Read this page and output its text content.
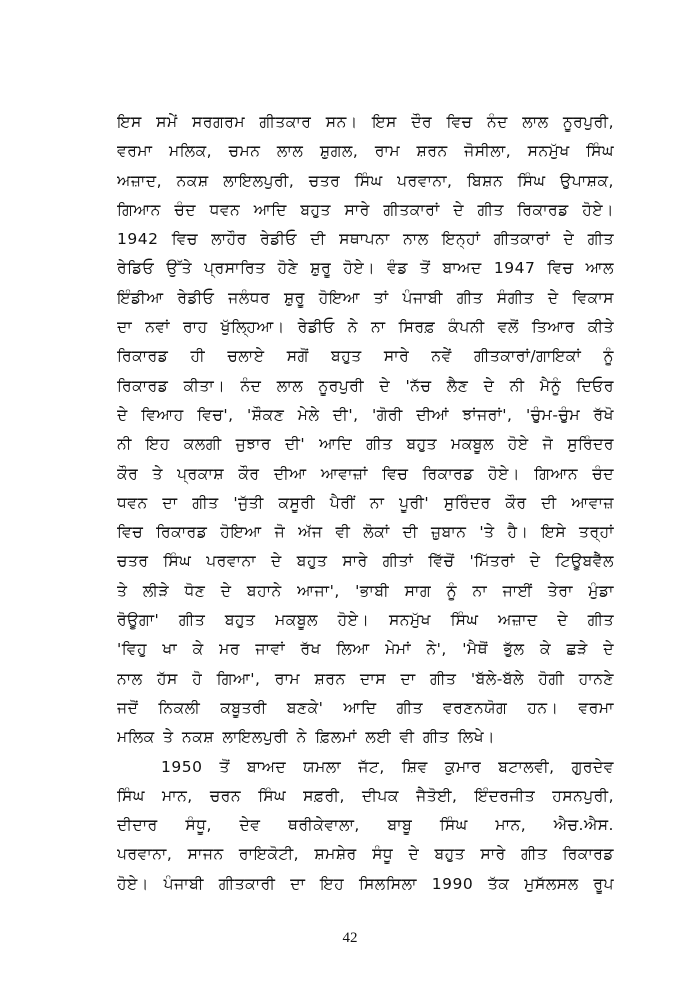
ਇਸ ਸਮੇਂ ਸਰਗਰਮ ਗੀਤਕਾਰ ਸਨ। ਇਸ ਦੌਰ ਵਿਚ ਨੰਦ ਲਾਲ ਨੂਰਪੁਰੀ,
ਵਰਮਾ ਮਲਿਕ, ਚਮਨ ਲਾਲ ਸ਼ੁਗਲ, ਰਾਮ ਸ਼ਰਨ ਜੋਸੀਲਾ, ਸਨਮੁੱਖ ਸਿੰਘ
ਅਜ਼ਾਦ, ਨਕਸ਼ ਲਾਇਲਪੁਰੀ, ਚਤਰ ਸਿੰਘ ਪਰਵਾਨਾ, ਬਿਸ਼ਨ ਸਿੰਘ ਉਪਾਸ਼ਕ,
ਗਿਆਨ ਚੰਦ ਧਵਨ ਆਦਿ ਬਹੁਤ ਸਾਰੇ ਗੀਤਕਾਰਾਂ ਦੇ ਗੀਤ ਰਿਕਾਰਡ ਹੋਏ।
1942 ਵਿਚ ਲਾਹੌਰ ਰੇਡੀਓ ਦੀ ਸਥਾਪਨਾ ਨਾਲ ਇਨ੍ਹਾਂ ਗੀਤਕਾਰਾਂ ਦੇ ਗੀਤ
ਰੇਡਿਓ ਉੱਤੇ ਪ੍ਰਸਾਰਿਤ ਹੋਣੇ ਸ਼ੁਰੂ ਹੋਏ। ਵੰਡ ਤੋਂ ਬਾਅਦ 1947 ਵਿਚ ਆਲ
ਇੰਡੀਆ ਰੇਡੀਓ ਜਲੰਧਰ ਸ਼ੁਰੂ ਹੋਇਆ ਤਾਂ ਪੰਜਾਬੀ ਗੀਤ ਸੰਗੀਤ ਦੇ ਵਿਕਾਸ
ਦਾ ਨਵਾਂ ਰਾਹ ਖੁੱਲ੍ਹਿਆ। ਰੇਡੀਓ ਨੇ ਨਾ ਸਿਰਫ਼ ਕੰਪਨੀ ਵਲੋਂ ਤਿਆਰ ਕੀਤੇ
ਰਿਕਾਰਡ ਹੀ ਚਲਾਏ ਸਗੋਂ ਬਹੁਤ ਸਾਰੇ ਨਵੇਂ ਗੀਤਕਾਰਾਂ/ਗਾਇਕਾਂ ਨੂੰ
ਰਿਕਾਰਡ ਕੀਤਾ। ਨੰਦ ਲਾਲ ਨੂਰਪੁਰੀ ਦੇ 'ਨੱਚ ਲੈਣ ਦੇ ਨੀ ਮੈਨੂੰ ਦਿਓਰ
ਦੇ ਵਿਆਹ ਵਿਚ', 'ਸ਼ੌਕਣ ਮੇਲੇ ਦੀ', 'ਗੋਰੀ ਦੀਆਂ ਝਾਂਜਰਾਂ', 'ਚੁੰਮ-ਚੁੰਮ ਰੱਖੋ
ਨੀ ਇਹ ਕਲਗੀ ਜੁਝਾਰ ਦੀ' ਆਦਿ ਗੀਤ ਬਹੁਤ ਮਕਬੂਲ ਹੋਏ ਜੋ ਸੁਰਿੰਦਰ
ਕੌਰ ਤੇ ਪ੍ਰਕਾਸ਼ ਕੌਰ ਦੀਆ ਆਵਾਜ਼ਾਂ ਵਿਚ ਰਿਕਾਰਡ ਹੋਏ। ਗਿਆਨ ਚੰਦ
ਧਵਨ ਦਾ ਗੀਤ 'ਜੁੱਤੀ ਕਸੂਰੀ ਪੈਰੀਂ ਨਾ ਪੂਰੀ' ਸੁਰਿੰਦਰ ਕੌਰ ਦੀ ਆਵਾਜ਼
ਵਿਚ ਰਿਕਾਰਡ ਹੋਇਆ ਜੋ ਅੱਜ ਵੀ ਲੋਕਾਂ ਦੀ ਜ਼ੁਬਾਨ 'ਤੇ ਹੈ। ਇਸੇ ਤਰ੍ਹਾਂ
ਚਤਰ ਸਿੰਘ ਪਰਵਾਨਾ ਦੇ ਬਹੁਤ ਸਾਰੇ ਗੀਤਾਂ ਵਿੱਚੋਂ 'ਮਿੱਤਰਾਂ ਦੇ ਟਿਊਬਵੈੱਲ
ਤੇ ਲੀੜੇ ਧੋਣ ਦੇ ਬਹਾਨੇ ਆਜਾ', 'ਭਾਬੀ ਸਾਗ ਨੂੰ ਨਾ ਜਾਈਂ ਤੇਰਾ ਮੁੰਡਾ
ਰੋਊਗਾ' ਗੀਤ ਬਹੁਤ ਮਕਬੂਲ ਹੋਏ। ਸਨਮੁੱਖ ਸਿੰਘ ਅਜ਼ਾਦ ਦੇ ਗੀਤ
'ਵਿਹੁ ਖਾ ਕੇ ਮਰ ਜਾਵਾਂ ਰੱਖ ਲਿਆ ਮੇਮਾਂ ਨੇ', 'ਮੈਥੋਂ ਭੁੱਲ ਕੇ ਛੜੇ ਦੇ
ਨਾਲ ਹੱਸ ਹੋ ਗਿਆ', ਰਾਮ ਸ਼ਰਨ ਦਾਸ ਦਾ ਗੀਤ 'ਬੱਲੇ-ਬੱਲੇ ਹੋਗੀ ਹਾਨਣੇ
ਜਦੋਂ ਨਿਕਲੀ ਕਬੂਤਰੀ ਬਣਕੇ' ਆਦਿ ਗੀਤ ਵਰਣਨਯੋਗ ਹਨ। ਵਰਮਾ
ਮਲਿਕ ਤੇ ਨਕਸ਼ ਲਾਇਲਪੁਰੀ ਨੇ ਫ਼ਿਲਮਾਂ ਲਈ ਵੀ ਗੀਤ ਲਿਖੇ।
1950 ਤੋਂ ਬਾਅਦ ਯਮਲਾ ਜੱਟ, ਸ਼ਿਵ ਕੁਮਾਰ ਬਟਾਲਵੀ, ਗੁਰਦੇਵ
ਸਿੰਘ ਮਾਨ, ਚਰਨ ਸਿੰਘ ਸਫ਼ਰੀ, ਦੀਪਕ ਜੈਤੋਈ, ਇੰਦਰਜੀਤ ਹਸਨਪੁਰੀ,
ਦੀਦਾਰ ਸੰਧੂ, ਦੇਵ ਥਰੀਕੇਵਾਲਾ, ਬਾਬੂ ਸਿੰਘ ਮਾਨ, ਐਚ.ਐਸ.
ਪਰਵਾਨਾ, ਸਾਜਨ ਰਾਇਕੋਟੀ, ਸ਼ਮਸ਼ੇਰ ਸੰਧੂ ਦੇ ਬਹੁਤ ਸਾਰੇ ਗੀਤ ਰਿਕਾਰਡ
ਹੋਏ। ਪੰਜਾਬੀ ਗੀਤਕਾਰੀ ਦਾ ਇਹ ਸਿਲਸਿਲਾ 1990 ਤੱਕ ਮੁਸੱਲਸਲ ਰੂਪ
42
